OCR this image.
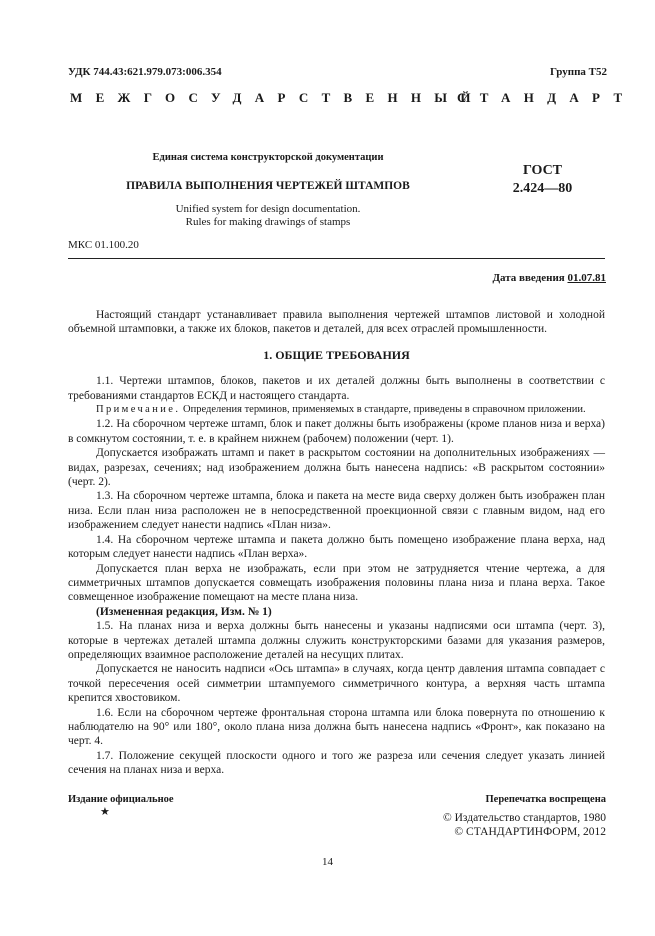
УДК 744.43:621.979.073:006.354	Группа Т52
МЕЖГОСУДАРСТВЕННЫЙ
СТАНДАРТ
Единая система конструкторской документации
ПРАВИЛА ВЫПОЛНЕНИЯ ЧЕРТЕЖЕЙ ШТАМПОВ
Unified system for design documentation.
Rules for making drawings of stamps
ГОСТ
2.424—80
МКС 01.100.20
Дата введения 01.07.81

Настоящий стандарт устанавливает правила выполнения чертежей штампов листовой и холодной объемной штамповки, а также их блоков, пакетов и деталей, для всех отраслей промышленности.

1. ОБЩИЕ ТРЕБОВАНИЯ

1.1. Чертежи штампов, блоков, пакетов и их деталей должны быть выполнены в соответствии с требованиями стандартов ЕСКД и настоящего стандарта.

Примечание. Определения терминов, применяемых в стандарте, приведены в справочном приложении.

1.2. На сборочном чертеже штамп, блок и пакет должны быть изображены (кроме планов низа и верха) в сомкнутом состоянии, т. е. в крайнем нижнем (рабочем) положении (черт. 1).

Допускается изображать штамп и пакет в раскрытом состоянии на дополнительных изображениях — видах, разрезах, сечениях; над изображением должна быть нанесена надпись: «В раскрытом состоянии» (черт. 2).

1.3. На сборочном чертеже штампа, блока и пакета на месте вида сверху должен быть изображен план низа. Если план низа расположен не в непосредственной проекционной связи с главным видом, над его изображением следует нанести надпись «План низа».

1.4. На сборочном чертеже штампа и пакета должно быть помещено изображение плана верха, над которым следует нанести надпись «План верха».

Допускается план верха не изображать, если при этом не затрудняется чтение чертежа, а для симметричных штампов допускается совмещать изображения половины плана низа и плана верха. Такое совмещенное изображение помещают на месте плана низа.

(Измененная редакция, Изм. № 1)

1.5. На планах низа и верха должны быть нанесены и указаны надписями оси штампа (черт. 3), которые в чертежах деталей штампа должны служить конструкторскими базами для указания размеров, определяющих взаимное расположение деталей на несущих плитах.

Допускается не наносить надписи «Ось штампа» в случаях, когда центр давления штампа совпадает с точкой пересечения осей симметрии штампуемого симметричного контура, а верхняя часть штампа крепится хвостовиком.

1.6. Если на сборочном чертеже фронтальная сторона штампа или блока повернута по отношению к наблюдателю на 90° или 180°, около плана низа должна быть нанесена надпись «Фронт», как показано на черт. 4.

1.7. Положение секущей плоскости одного и того же разреза или сечения следует указать линией сечения на планах низа и верха.

Издание официальное
★
Перепечатка воспрещена
© Издательство стандартов, 1980
© СТАНДАРТИНФОРМ, 2012
14
